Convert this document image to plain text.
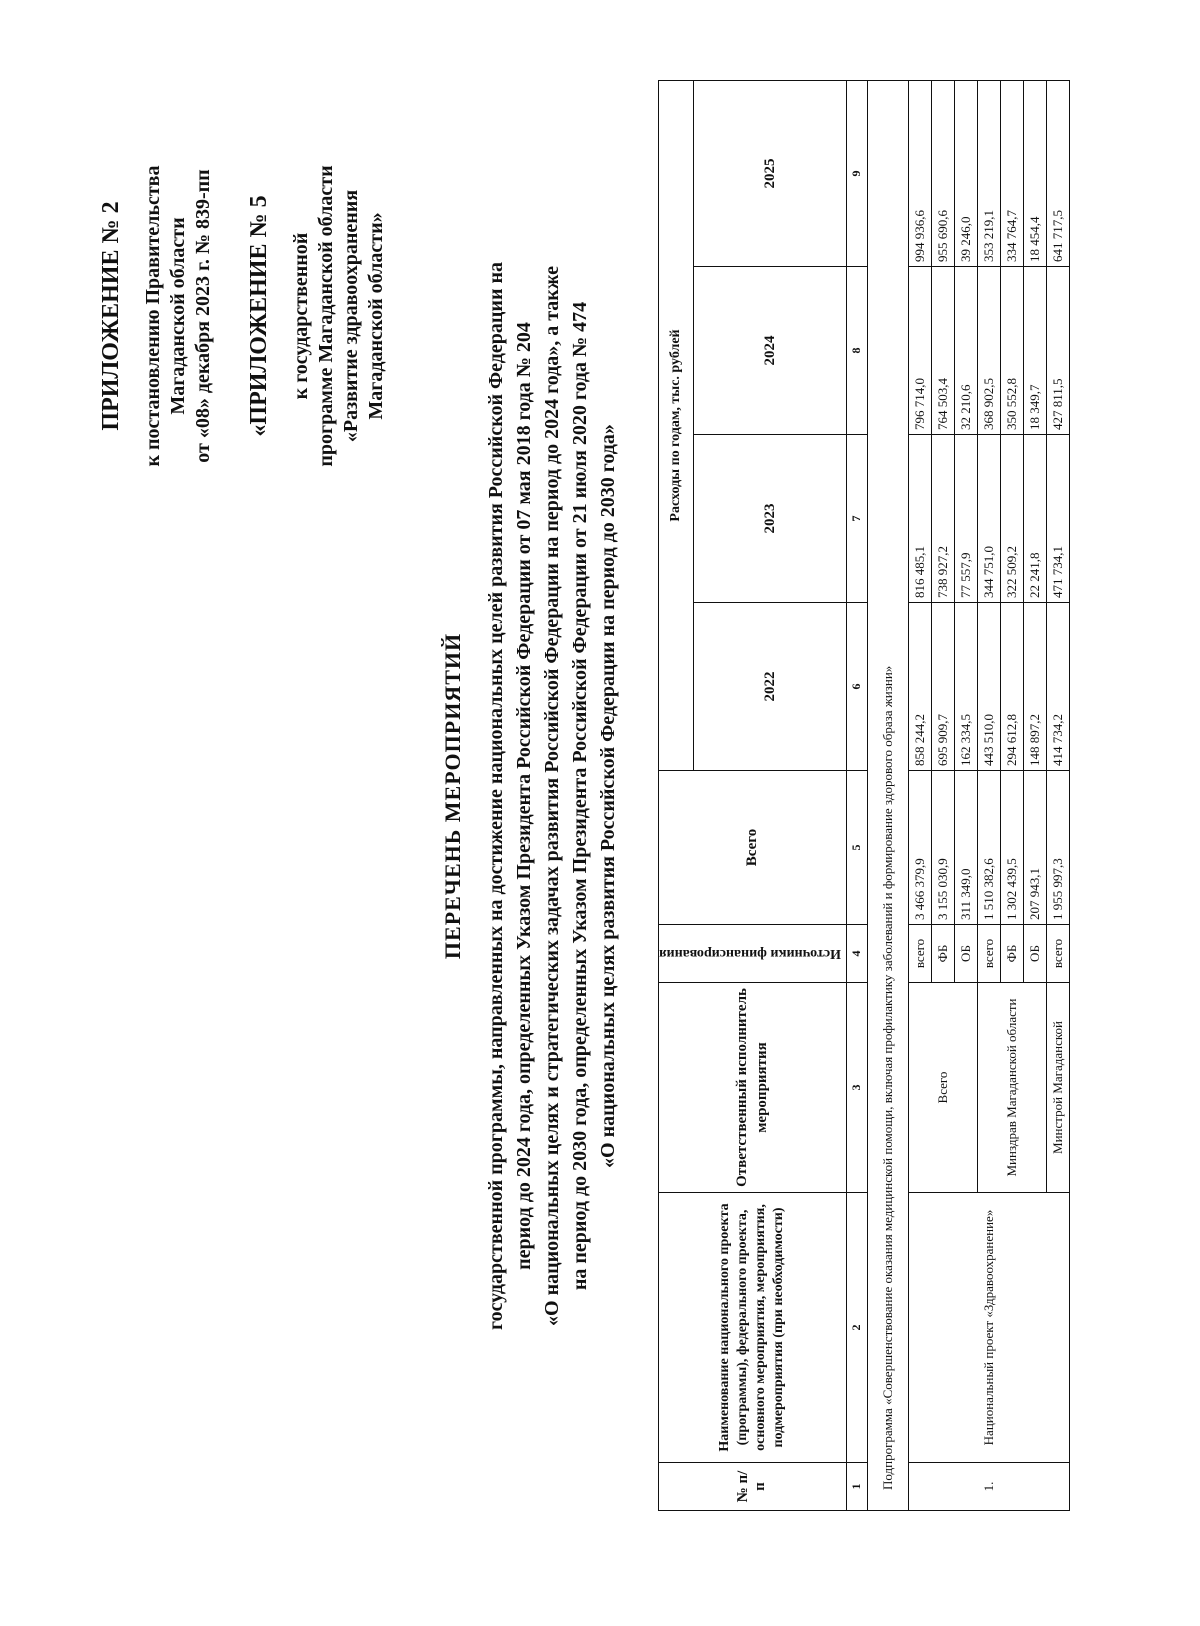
ПРИЛОЖЕНИЕ № 2 к постановлению Правительства Магаданской области от «08» декабря 2023 г. № 839-пп «ПРИЛОЖЕНИЕ № 5 к государственной программе Магаданской области «Развитие здравоохранения Магаданской области»
ПЕРЕЧЕНЬ МЕРОПРИЯТИЙ государственной программы, направленных на достижение национальных целей развития Российской Федерации на период до 2024 года, определенных Указом Президента Российской Федерации от 07 мая 2018 года № 204 «О национальных целях и стратегических задачах развития Российской Федерации на период до 2024 года», а также на период до 2030 года, определенных Указом Президента Российской Федерации от 21 июля 2020 года № 474 «О национальных целях развития Российской Федерации на период до 2030 года»
№ п/п	Наименование национального проекта (программы), федерального проекта, основного мероприятия, мероприятия, подмероприятия (при необходимости)	Ответственный исполнитель мероприятия	Источники финансирования	Всего	Расходы по годам, тыс. рублей			
					2022	2023	2024	2025
1	2	3	4	5	6	7	8	9
Подпрограмма «Совершенствование оказания медицинской помощи, включая профилактику заболеваний и формирование здорового образа жизни»								
1.	Национальный проект «Здравоохранение»	Всего	всего	3 466 379,9	858 244,2	816 485,1	796 714,0	994 936,6
			ФБ	3 155 030,9	695 909,7	738 927,2	764 503,4	955 690,6
			ОБ	311 349,0	162 334,5	77 557,9	32 210,6	39 246,0
		Минздрав Магаданской области	всего	1 510 382,6	443 510,0	344 751,0	368 902,5	353 219,1
			ФБ	1 302 439,5	294 612,8	322 509,2	350 552,8	334 764,7
			ОБ	207 943,1	148 897,2	22 241,8	18 349,7	18 454,4
		Минстрой Магаданской	всего	1 955 997,3	414 734,2	471 734,1	427 811,5	641 717,5
